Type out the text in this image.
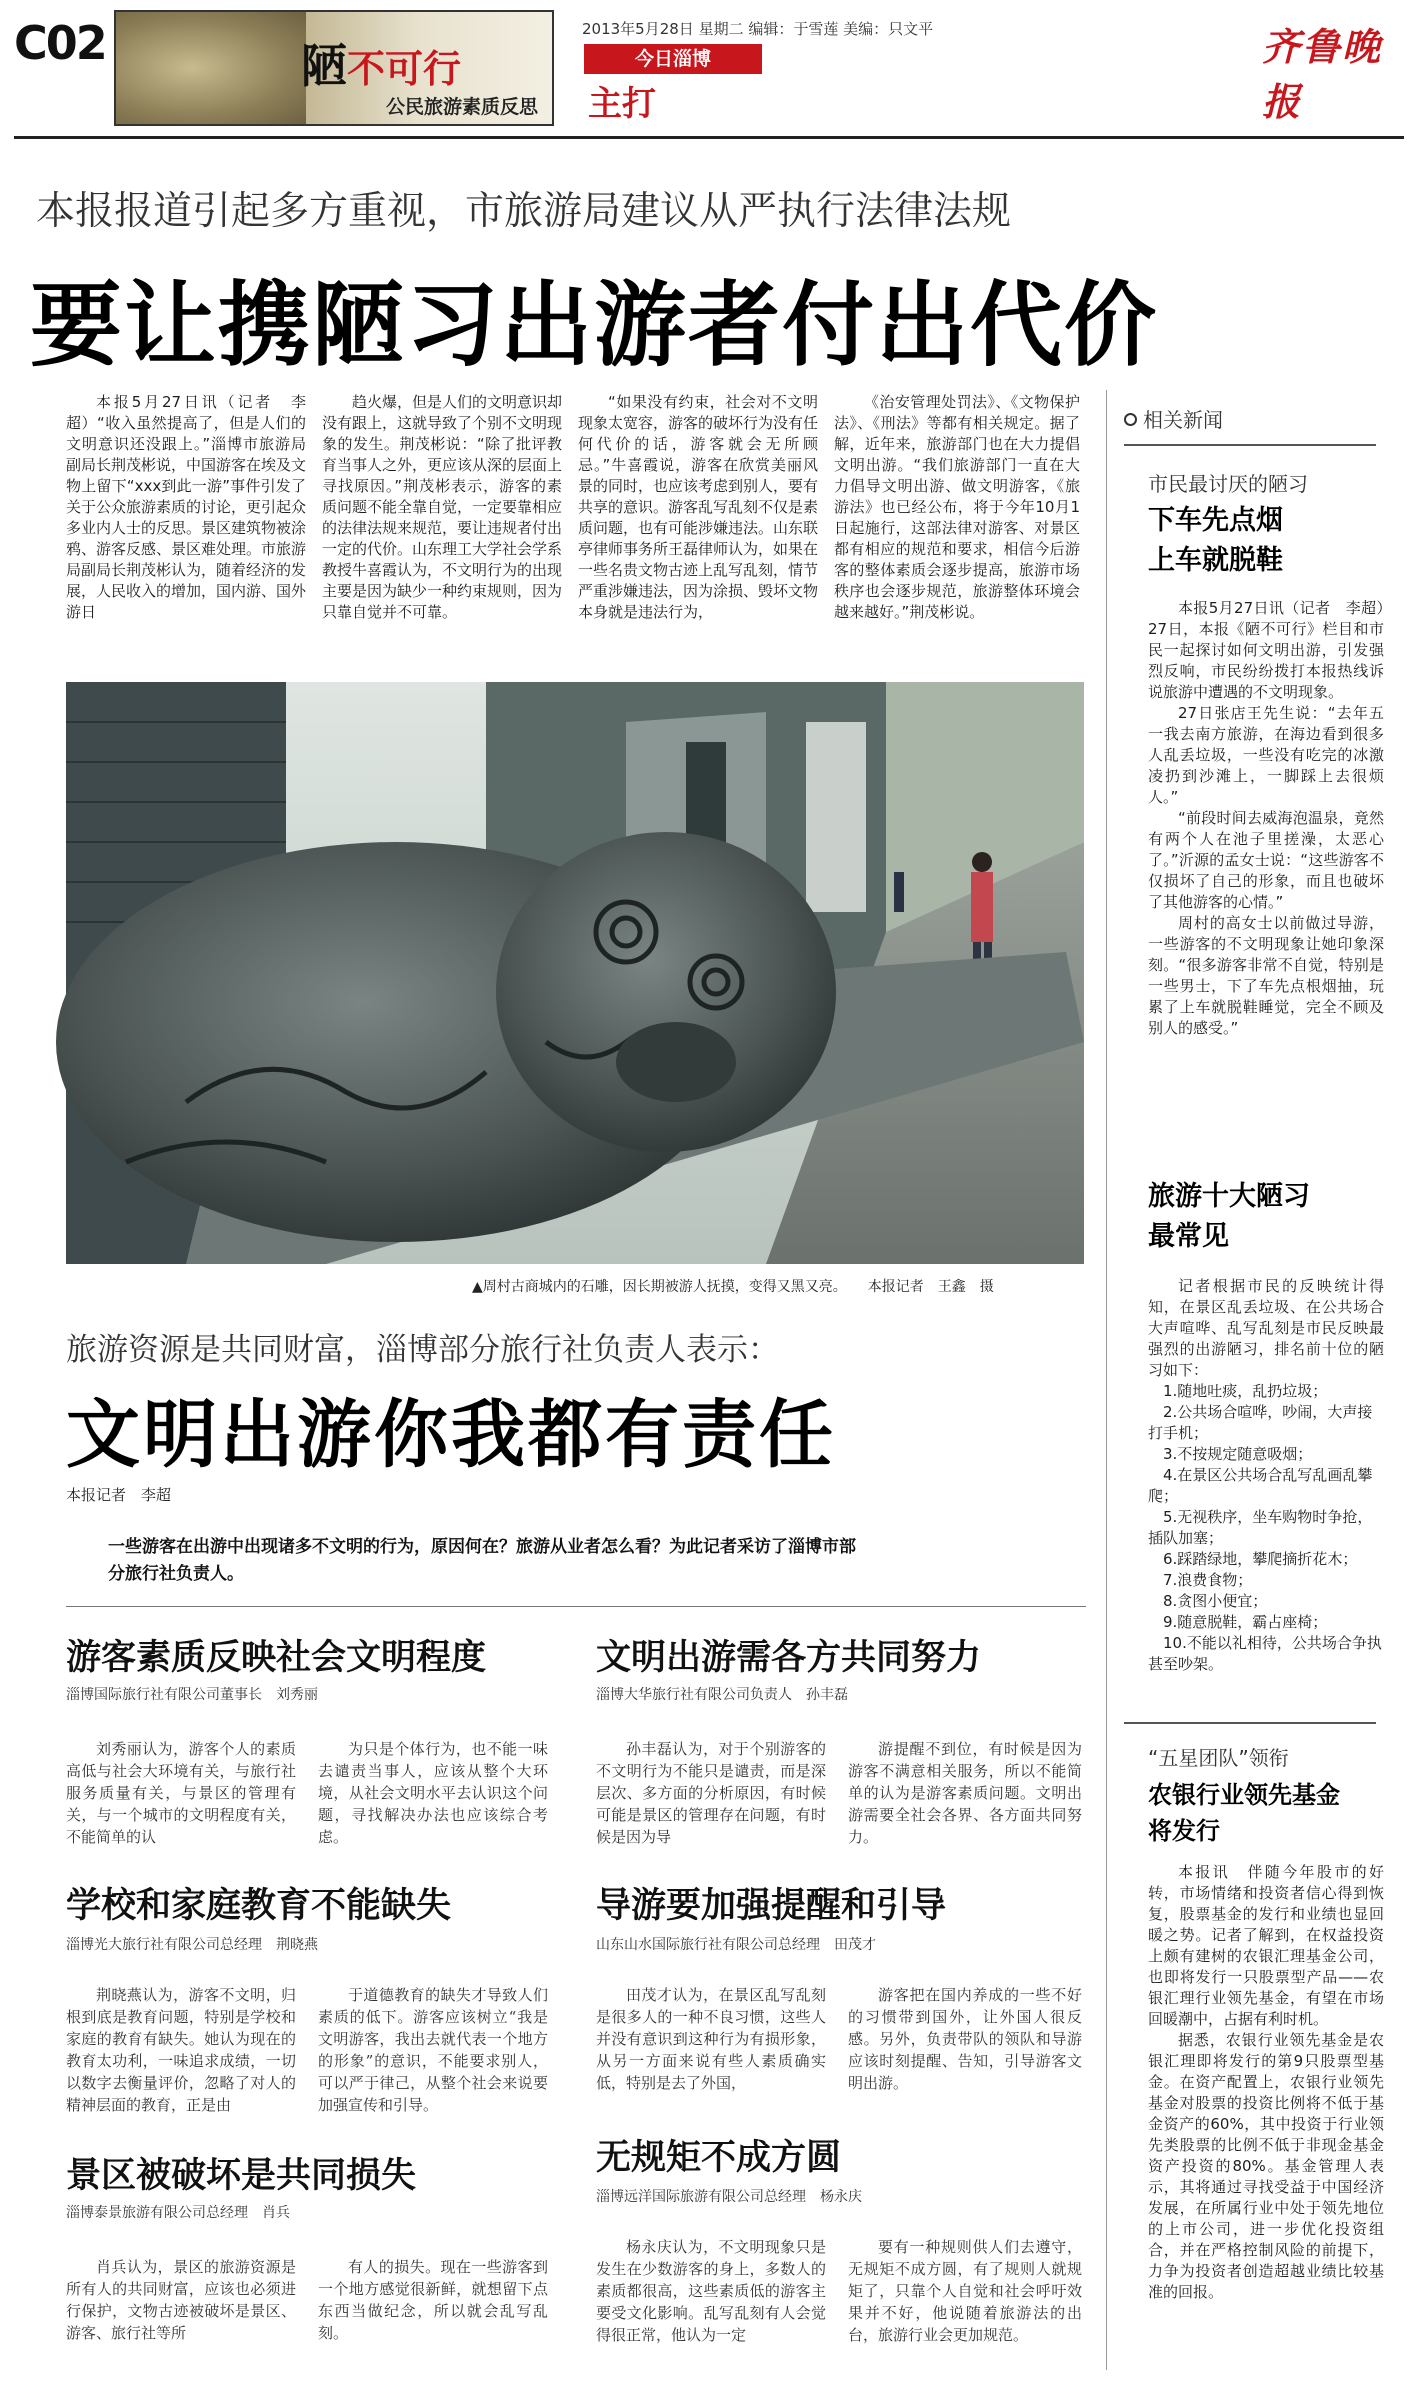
C02	陋不可行
公民旅游素质反思
2013年5月28日 星期二 编辑：于雪莲 美编：只文平
今日淄博
主打
齐鲁晚报
本报报道引起多方重视，市旅游局建议从严执行法律法规
要让携陋习出游者付出代价
本报5月27日讯（记者　李超）“收入虽然提高了，但是人们的文明意识还没跟上。”淄博市旅游局副局长荆茂彬说，中国游客在埃及文物上留下“xxx到此一游”事件引发了关于公众旅游素质的讨论，更引起众多业内人士的反思。景区建筑物被涂鸦、游客反感、景区难处理。市旅游局副局长荆茂彬认为，随着经济的发展，人民收入的增加，国内游、国外游日
趋火爆，但是人们的文明意识却没有跟上，这就导致了个别不文明现象的发生。荆茂彬说：“除了批评教育当事人之外，更应该从深的层面上寻找原因。”荆茂彬表示，游客的素质问题不能全靠自觉，一定要靠相应的法律法规来规范，要让违规者付出一定的代价。山东理工大学社会学系教授牛喜霞认为，不文明行为的出现主要是因为缺少一种约束规则，因为只靠自觉并不可靠。
“如果没有约束，社会对不文明现象太宽容，游客的破坏行为没有任何代价的话，游客就会无所顾忌。”牛喜霞说，游客在欣赏美丽风景的同时，也应该考虑到别人，要有共享的意识。游客乱写乱刻不仅是素质问题，也有可能涉嫌违法。山东联亭律师事务所王磊律师认为，如果在一些名贵文物古迹上乱写乱刻，情节严重涉嫌违法，因为涂损、毁坏文物本身就是违法行为，
《治安管理处罚法》、《文物保护法》、《刑法》等都有相关规定。据了解，近年来，旅游部门也在大力提倡文明出游。“我们旅游部门一直在大力倡导文明出游、做文明游客，《旅游法》也已经公布，将于今年10月1日起施行，这部法律对游客、对景区都有相应的规范和要求，相信今后游客的整体素质会逐步提高，旅游市场秩序也会逐步规范，旅游整体环境会越来越好。”荆茂彬说。
▲周村古商城内的石雕，因长期被游人抚摸，变得又黑又亮。　　本报记者　王鑫　摄
旅游资源是共同财富，淄博部分旅行社负责人表示：
文明出游你我都有责任
本报记者　李超
一些游客在出游中出现诸多不文明的行为，原因何在？旅游从业者怎么看？为此记者采访了淄博市部分旅行社负责人。
游客素质反映社会文明程度
淄博国际旅行社有限公司董事长　刘秀丽
刘秀丽认为，游客个人的素质高低与社会大环境有关，与旅行社服务质量有关，与景区的管理有关，与一个城市的文明程度有关，不能简单的认
为只是个体行为，也不能一味去谴责当事人，应该从整个大环境，从社会文明水平去认识这个问题，寻找解决办法也应该综合考虑。
文明出游需各方共同努力
淄博大华旅行社有限公司负责人　孙丰磊
孙丰磊认为，对于个别游客的不文明行为不能只是谴责，而是深层次、多方面的分析原因，有时候可能是景区的管理存在问题，有时候是因为导
游提醒不到位，有时候是因为游客不满意相关服务，所以不能简单的认为是游客素质问题。文明出游需要全社会各界、各方面共同努力。
学校和家庭教育不能缺失
淄博光大旅行社有限公司总经理　荆晓燕
荆晓燕认为，游客不文明，归根到底是教育问题，特别是学校和家庭的教育有缺失。她认为现在的教育太功利，一味追求成绩，一切以数字去衡量评价，忽略了对人的精神层面的教育，正是由
于道德教育的缺失才导致人们素质的低下。游客应该树立“我是文明游客，我出去就代表一个地方的形象”的意识，不能要求别人，可以严于律己，从整个社会来说要加强宣传和引导。
导游要加强提醒和引导
山东山水国际旅行社有限公司总经理　田茂才
田茂才认为，在景区乱写乱刻是很多人的一种不良习惯，这些人并没有意识到这种行为有损形象，从另一方面来说有些人素质确实低，特别是去了外国，
游客把在国内养成的一些不好的习惯带到国外，让外国人很反感。另外，负责带队的领队和导游应该时刻提醒、告知，引导游客文明出游。
景区被破坏是共同损失
淄博泰景旅游有限公司总经理　肖兵
肖兵认为，景区的旅游资源是所有人的共同财富，应该也必须进行保护，文物古迹被破坏是景区、游客、旅行社等所
有人的损失。现在一些游客到一个地方感觉很新鲜，就想留下点东西当做纪念，所以就会乱写乱刻。
无规矩不成方圆
淄博远洋国际旅游有限公司总经理　杨永庆
杨永庆认为，不文明现象只是发生在少数游客的身上，多数人的素质都很高，这些素质低的游客主要受文化影响。乱写乱刻有人会觉得很正常，他认为一定
要有一种规则供人们去遵守，无规矩不成方圆，有了规则人就规矩了，只靠个人自觉和社会呼吁效果并不好，他说随着旅游法的出台，旅游行业会更加规范。
相关新闻
市民最讨厌的陋习
下车先点烟
上车就脱鞋

本报5月27日讯（记者　李超）　27日，本报《陋不可行》栏目和市民一起探讨如何文明出游，引发强烈反响，市民纷纷拨打本报热线诉说旅游中遭遇的不文明现象。

27日张店王先生说：“去年五一我去南方旅游，在海边看到很多人乱丢垃圾，一些没有吃完的冰激凌扔到沙滩上，一脚踩上去很烦人。”

“前段时间去威海泡温泉，竟然有两个人在池子里搓澡，太恶心了。”沂源的孟女士说：“这些游客不仅损坏了自己的形象，而且也破坏了其他游客的心情。”

周村的高女士以前做过导游，一些游客的不文明现象让她印象深刻。“很多游客非常不自觉，特别是一些男士，下了车先点根烟抽，玩累了上车就脱鞋睡觉，完全不顾及别人的感受。”

旅游十大陋习
最常见

记者根据市民的反映统计得知，在景区乱丢垃圾、在公共场合大声喧哗、乱写乱刻是市民反映最强烈的出游陋习，排名前十位的陋习如下：

1.随地吐痰，乱扔垃圾；
2.公共场合喧哗，吵闹，大声接打手机；
3.不按规定随意吸烟；
4.在景区公共场合乱写乱画乱攀爬；
5.无视秩序，坐车购物时争抢，插队加塞；
6.踩踏绿地，攀爬摘折花木；
7.浪费食物；
8.贪图小便宜；
9.随意脱鞋，霸占座椅；
10.不能以礼相待，公共场合争执甚至吵架。
“五星团队”领衔
农银行业领先基金
将发行

本报讯　伴随今年股市的好转，市场情绪和投资者信心得到恢复，股票基金的发行和业绩也显回暖之势。记者了解到，在权益投资上颇有建树的农银汇理基金公司，也即将发行一只股票型产品——农银汇理行业领先基金，有望在市场回暖潮中，占据有利时机。

据悉，农银行业领先基金是农银汇理即将发行的第9只股票型基金。在资产配置上，农银行业领先基金对股票的投资比例将不低于基金资产的60%，其中投资于行业领先类股票的比例不低于非现金基金资产投资的80%。基金管理人表示，其将通过寻找受益于中国经济发展，在所属行业中处于领先地位的上市公司，进一步优化投资组合，并在严格控制风险的前提下，力争为投资者创造超越业绩比较基准的回报。
